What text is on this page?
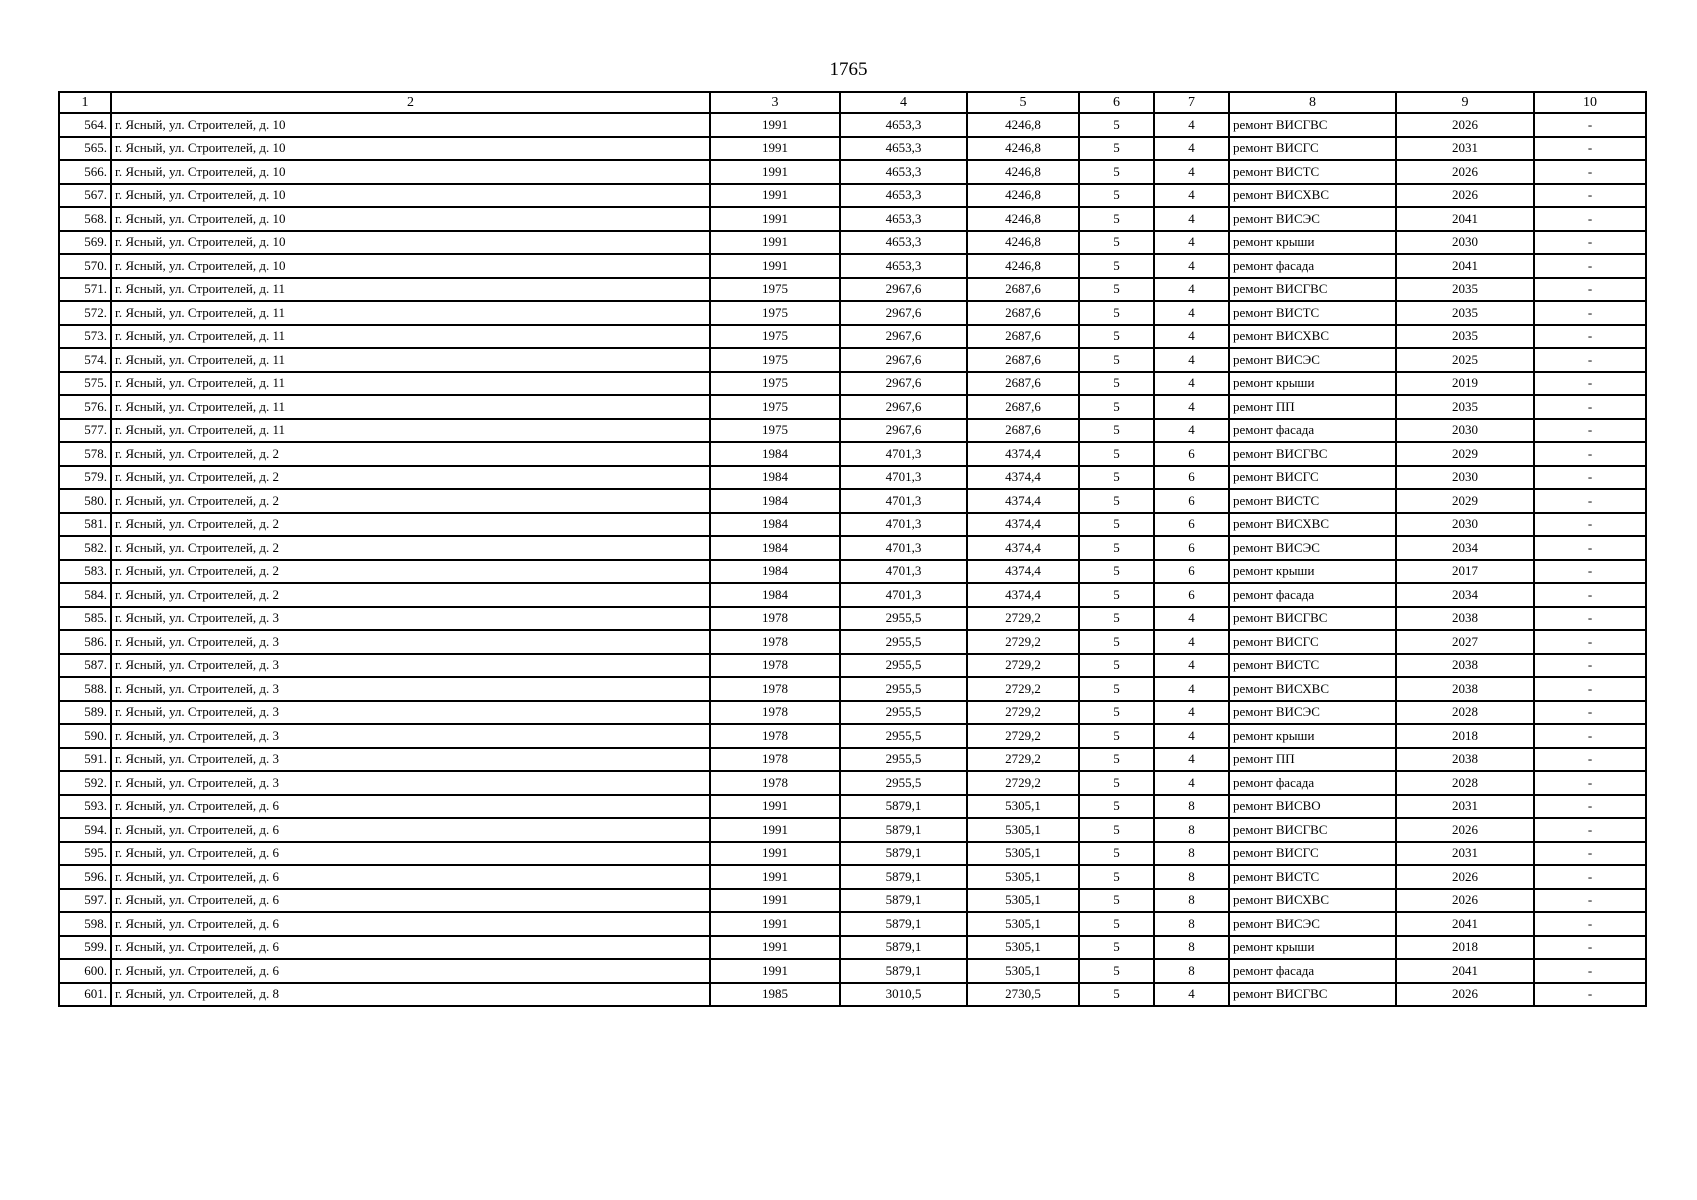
1765
1	2	3	4	5	6	7	8	9	10
564.	г. Ясный, ул. Строителей, д. 10	1991	4653,3	4246,8	5	4	ремонт ВИСГВС	2026	-
565.	г. Ясный, ул. Строителей, д. 10	1991	4653,3	4246,8	5	4	ремонт ВИСГС	2031	-
566.	г. Ясный, ул. Строителей, д. 10	1991	4653,3	4246,8	5	4	ремонт ВИСТС	2026	-
567.	г. Ясный, ул. Строителей, д. 10	1991	4653,3	4246,8	5	4	ремонт ВИСХВС	2026	-
568.	г. Ясный, ул. Строителей, д. 10	1991	4653,3	4246,8	5	4	ремонт ВИСЭС	2041	-
569.	г. Ясный, ул. Строителей, д. 10	1991	4653,3	4246,8	5	4	ремонт крыши	2030	-
570.	г. Ясный, ул. Строителей, д. 10	1991	4653,3	4246,8	5	4	ремонт фасада	2041	-
571.	г. Ясный, ул. Строителей, д. 11	1975	2967,6	2687,6	5	4	ремонт ВИСГВС	2035	-
572.	г. Ясный, ул. Строителей, д. 11	1975	2967,6	2687,6	5	4	ремонт ВИСТС	2035	-
573.	г. Ясный, ул. Строителей, д. 11	1975	2967,6	2687,6	5	4	ремонт ВИСХВС	2035	-
574.	г. Ясный, ул. Строителей, д. 11	1975	2967,6	2687,6	5	4	ремонт ВИСЭС	2025	-
575.	г. Ясный, ул. Строителей, д. 11	1975	2967,6	2687,6	5	4	ремонт крыши	2019	-
576.	г. Ясный, ул. Строителей, д. 11	1975	2967,6	2687,6	5	4	ремонт ПП	2035	-
577.	г. Ясный, ул. Строителей, д. 11	1975	2967,6	2687,6	5	4	ремонт фасада	2030	-
578.	г. Ясный, ул. Строителей, д. 2	1984	4701,3	4374,4	5	6	ремонт ВИСГВС	2029	-
579.	г. Ясный, ул. Строителей, д. 2	1984	4701,3	4374,4	5	6	ремонт ВИСГС	2030	-
580.	г. Ясный, ул. Строителей, д. 2	1984	4701,3	4374,4	5	6	ремонт ВИСТС	2029	-
581.	г. Ясный, ул. Строителей, д. 2	1984	4701,3	4374,4	5	6	ремонт ВИСХВС	2030	-
582.	г. Ясный, ул. Строителей, д. 2	1984	4701,3	4374,4	5	6	ремонт ВИСЭС	2034	-
583.	г. Ясный, ул. Строителей, д. 2	1984	4701,3	4374,4	5	6	ремонт крыши	2017	-
584.	г. Ясный, ул. Строителей, д. 2	1984	4701,3	4374,4	5	6	ремонт фасада	2034	-
585.	г. Ясный, ул. Строителей, д. 3	1978	2955,5	2729,2	5	4	ремонт ВИСГВС	2038	-
586.	г. Ясный, ул. Строителей, д. 3	1978	2955,5	2729,2	5	4	ремонт ВИСГС	2027	-
587.	г. Ясный, ул. Строителей, д. 3	1978	2955,5	2729,2	5	4	ремонт ВИСТС	2038	-
588.	г. Ясный, ул. Строителей, д. 3	1978	2955,5	2729,2	5	4	ремонт ВИСХВС	2038	-
589.	г. Ясный, ул. Строителей, д. 3	1978	2955,5	2729,2	5	4	ремонт ВИСЭС	2028	-
590.	г. Ясный, ул. Строителей, д. 3	1978	2955,5	2729,2	5	4	ремонт крыши	2018	-
591.	г. Ясный, ул. Строителей, д. 3	1978	2955,5	2729,2	5	4	ремонт ПП	2038	-
592.	г. Ясный, ул. Строителей, д. 3	1978	2955,5	2729,2	5	4	ремонт фасада	2028	-
593.	г. Ясный, ул. Строителей, д. 6	1991	5879,1	5305,1	5	8	ремонт ВИСВО	2031	-
594.	г. Ясный, ул. Строителей, д. 6	1991	5879,1	5305,1	5	8	ремонт ВИСГВС	2026	-
595.	г. Ясный, ул. Строителей, д. 6	1991	5879,1	5305,1	5	8	ремонт ВИСГС	2031	-
596.	г. Ясный, ул. Строителей, д. 6	1991	5879,1	5305,1	5	8	ремонт ВИСТС	2026	-
597.	г. Ясный, ул. Строителей, д. 6	1991	5879,1	5305,1	5	8	ремонт ВИСХВС	2026	-
598.	г. Ясный, ул. Строителей, д. 6	1991	5879,1	5305,1	5	8	ремонт ВИСЭС	2041	-
599.	г. Ясный, ул. Строителей, д. 6	1991	5879,1	5305,1	5	8	ремонт крыши	2018	-
600.	г. Ясный, ул. Строителей, д. 6	1991	5879,1	5305,1	5	8	ремонт фасада	2041	-
601.	г. Ясный, ул. Строителей, д. 8	1985	3010,5	2730,5	5	4	ремонт ВИСГВС	2026	-
